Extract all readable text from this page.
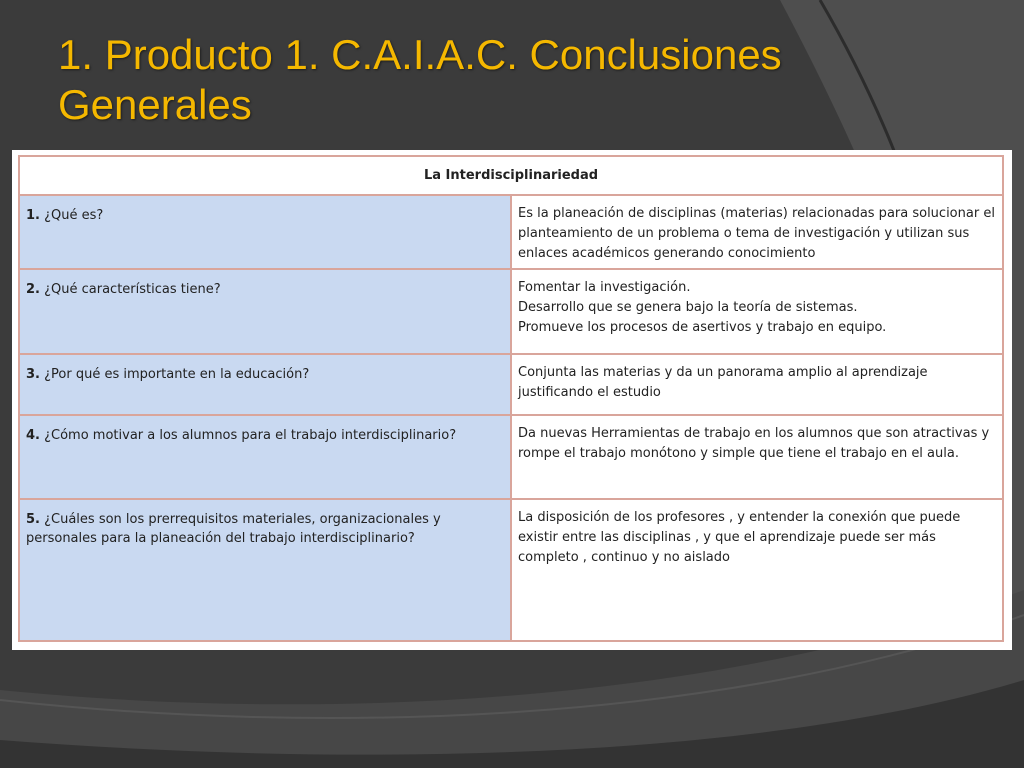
1. Producto 1. C.A.I.A.C. Conclusiones Generales
La Interdisciplinariedad	
1. ¿Qué es?	Es la planeación de disciplinas (materias) relacionadas para solucionar el planteamiento de un problema o tema de investigación y utilizan sus enlaces académicos generando conocimiento
2. ¿Qué características tiene?	Fomentar la investigación.
Desarrollo que se genera bajo la teoría de sistemas.
Promueve los procesos de asertivos y trabajo en equipo.
3. ¿Por qué es importante en la educación?	Conjunta las materias y da un panorama amplio al aprendizaje justificando el estudio
4. ¿Cómo motivar a los alumnos para el trabajo interdisciplinario?	Da nuevas Herramientas de trabajo en los alumnos que son atractivas y rompe el trabajo monótono y simple que tiene el trabajo en el aula.
5. ¿Cuáles son los prerrequisitos materiales, organizacionales y personales para la planeación del trabajo interdisciplinario?	La disposición de los profesores , y entender la conexión que puede existir entre las disciplinas , y que el aprendizaje puede ser más completo , continuo y no aislado
